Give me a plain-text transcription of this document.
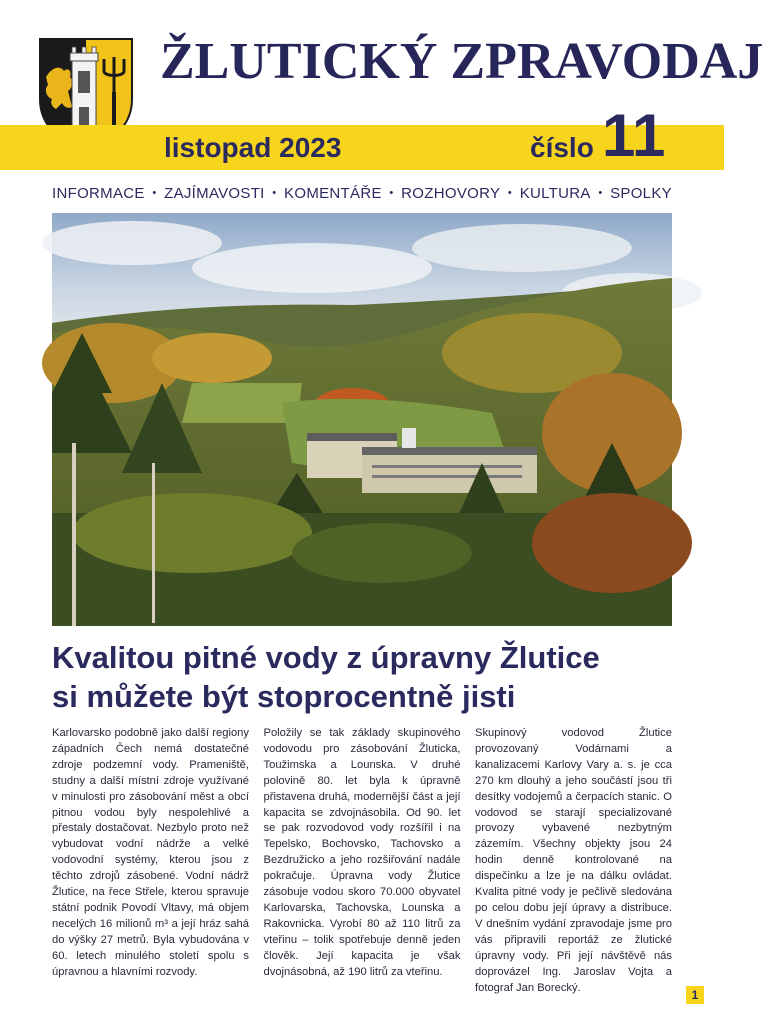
ŽLUTICKÝ ZPRAVODAJ
listopad 2023	číslo 11
INFORMACE • ZAJÍMAVOSTI • KOMENTÁŘE • ROZHOVORY • KULTURA • SPOLKY
Kvalitou pitné vody z úpravny Žlutice
si můžete být stoprocentně jisti

Karlovarsko podobně jako další regiony západních Čech nemá dostatečné zdroje podzemní vody. Prameniště, studny a další místní zdroje využívané v minulosti pro zásobování měst a obcí pitnou vodou byly nespolehlivé a přestaly dostačovat. Nezbylo proto než vybudovat vodní nádrže a velké vodovodní systémy, kterou jsou z těchto zdrojů zásobené. Vodní nádrž Žlutice, na řece Střele, kterou spravuje státní podnik Povodí Vltavy, má objem necelých 16 milionů m³ a její hráz sahá do výšky 27 metrů. Byla vybudována v 60. letech minulého století spolu s úpravnou a hlavními rozvody.

Položily se tak základy skupinového vodovodu pro zásobování Žluticka, Toužimska a Lounska. V druhé polovině 80. let byla k úpravně přistavena druhá, modernější část a její kapacita se zdvojnásobila. Od 90. let se pak rozvodovod vody rozšířil i na Tepelsko, Bochovsko, Tachovsko a Bezdružicko a jeho rozšiřování nadále pokračuje. Úpravna vody Žlutice zásobuje vodou skoro 70.000 obyvatel Karlovarska, Tachovska, Lounska a Rakovnicka. Vyrobí 80 až 110 litrů za vteřinu – tolik spotřebuje denně jeden člověk. Její kapacita je však dvojnásobná, až 190 litrů za vteřinu.

Skupinový vodovod Žlutice provozovaný Vodárnami a kanalizacemi Karlovy Vary a. s. je cca 270 km dlouhý a jeho součástí jsou tři desítky vodojemů a čerpacích stanic. O vodovod se starají specializované provozy vybavené nezbytným zázemím. Všechny objekty jsou 24 hodin denně kontrolované na dispečinku a lze je na dálku ovládat. Kvalita pitné vody je pečlivě sledována po celou dobu její úpravy a distribuce. V dnešním vydání zpravodaje jsme pro vás připravili reportáž ze žlutické úpravny vody. Při její návštěvě nás doprovázel Ing. Jaroslav Vojta a fotograf Jan Borecký.

1
